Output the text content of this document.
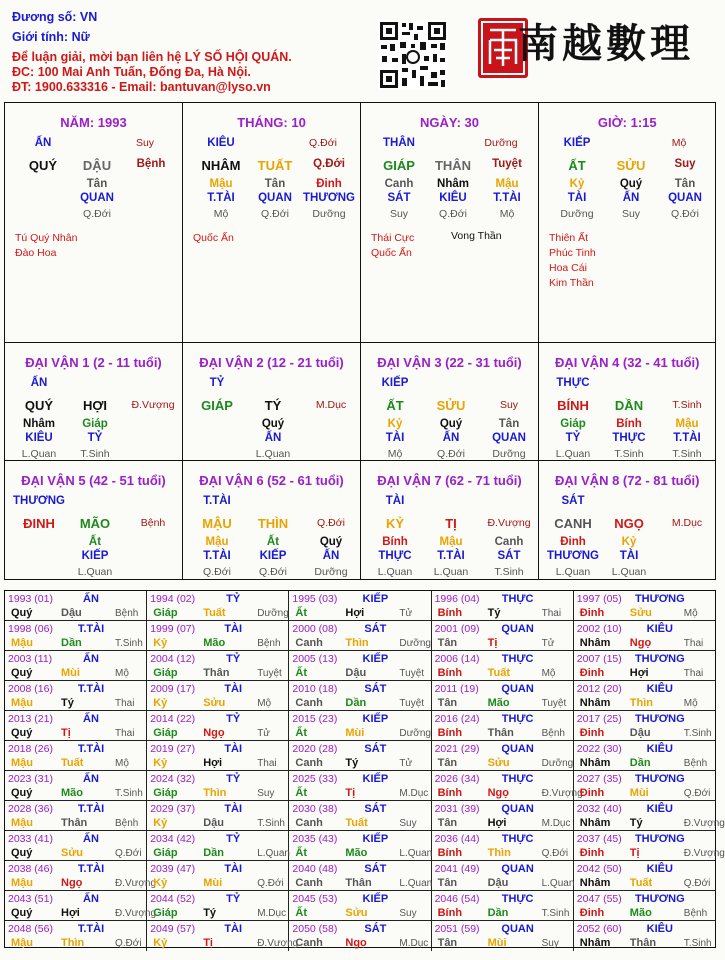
Đương số: VN
Giới tính: Nữ
Để luận giải, mời bạn liên hệ LÝ SỐ HỘI QUÁN.
ĐC: 100 Mai Anh Tuấn, Đống Đa, Hà Nội.
ĐT: 1900.633316 - Email: bantuvan@lyso.vn
南越數理
NĂM: 1993
ẤN	Suy
QUÝ DẬU Bệnh
Tân
QUAN
Q.Đới
Tú Quý Nhân
Đào Hoa
THÁNG: 10
KIÊU	Q.Đới
NHÂM TUẤT Q.Đới
Mậu
T.TÀI
Mộ
Tân
QUAN
Q.Đới
Đinh
THƯƠNG
Dưỡng
Quốc Ấn
NGÀY: 30
THÂN	Dưỡng
GIÁP THÂN Tuyệt
Canh
SÁT
Suy
Nhâm
KIÊU
Q.Đới
Mậu
T.TÀI
Mộ
Thái Cực
Quốc Ấn
Vong Thần
GIỜ: 1:15
KIẾP	Mộ
ẤT SỬU	Suy
Kỷ
TÀI
Dưỡng
Quý
ẤN
Suy
Tân
QUAN
Q.Đới
Thiên Ất
Phúc Tinh
Hoa Cái
Kim Thần
ĐẠI VẬN 1 (2 - 11 tuổi)
ẤN
QUÝ HỢI Đ.Vượng
Nhâm
KIÊU
L.Quan
Giáp
TỶ
T.Sinh
ĐẠI VẬN 2 (12 - 21 tuổi)
TỶ
GIÁP TÝ	M.Dục
Quý
ẤN
L.Quan
ĐẠI VẬN 3 (22 - 31 tuổi)
KIẾP
ẤT	SỬU	Suy
Kỷ
TÀI
Mộ
Quý
ẤN
Q.Đới
Tân
QUAN
Dưỡng
ĐẠI VẬN 4 (32 - 41 tuổi)
THỰC
BÍNH DẦN	T.Sinh
Giáp
TỶ
L.Quan
Bính
THỰC
T.Sinh
Mậu
T.TÀI
T.Sinh
ĐẠI VẬN 5 (42 - 51 tuổi)
THƯƠNG
ĐINH MÃO	Bệnh
Ất
KIẾP
L.Quan
ĐẠI VẬN 6 (52 - 61 tuổi)
T.TÀI
MẬU THÌN	Q.Đới
Mậu
T.TÀI
Q.Đới
Ất
KIẾP
Q.Đới
Quý
ẤN
Dưỡng
ĐẠI VẬN 7 (62 - 71 tuổi)
TÀI
KỶ	TỊ	Đ.Vượng
Bính
THỰC
L.Quan
Mậu
T.TÀI
L.Quan
Canh
SÁT
T.Sinh
ĐẠI VẬN 8 (72 - 81 tuổi)
SÁT
CANH NGỌ	M.Dục
Đinh
THƯƠNG
L.Quan
Kỷ
TÀI
L.Quan
1993 (01)	ẤN
Quý	Dậu	Bệnh
1994 (02)	TỶ
Giáp Tuất	Dưỡng
1995 (03) KIẾP
Ất	Hợi	Tử
1996 (04) THỰC
Bính Tý	Thai
1997 (05) THƯƠNG
Đinh Sửu	Mộ
1998 (06) T.TÀI
Mậu	Dần	T.Sinh
1999 (07)	TÀI
Kỷ	Mão	Bệnh
2000 (08) SÁT
Canh Thìn	Dưỡng
2001 (09) QUAN
Tân	Tị	Tử
2002 (10) KIÊU
Nhâm Ngọ	Thai
2003 (11)	ẤN
Quý	Mùi	Mộ
2004 (12)	TỶ
Giáp Thân	Tuyệt
2005 (13) KIẾP
Ất	Dậu	Tuyệt
2006 (14) THỰC
Bính Tuất	Mộ
2007 (15) THƯƠNG
Đinh Hợi	Thai
2008 (16) T.TÀI
Mậu	Tý	Thai
2009 (17)	TÀI
Kỷ	Sửu	Mộ
2010 (18) SÁT
Canh Dần	Tuyệt
2011 (19) QUAN
Tân	Mão	Tuyệt
2012 (20) KIÊU
Nhâm Thìn	Mộ
2013 (21)	ẤN
Quý	Tị	Thai
2014 (22)	TỶ
Giáp Ngọ	Tử
2015 (23) KIẾP
Ất	Mùi	Dưỡng
2016 (24) THỰC
Bính Thân	Bệnh
2017 (25) THƯƠNG
Đinh Dậu	T.Sinh
2018 (26) T.TÀI
Mậu	Tuất	Mộ
2019 (27)	TÀI
Kỷ	Hợi	Thai
2020 (28) SÁT
Canh Tý	Tử
2021 (29) QUAN
Tân	Sửu	Dưỡng
2022 (30) KIÊU
Nhâm Dần	Bệnh
2023 (31)	ẤN
Quý	Mão	T.Sinh
2024 (32)	TỶ
Giáp Thìn	Suy
2025 (33) KIẾP
Ất	Tị	M.Dục
2026 (34) THỰC
Bính Ngọ	Đ.Vượng
2027 (35) THƯƠNG
Đinh Mùi	Q.Đới
2028 (36) T.TÀI
Mậu	Thân	Bệnh
2029 (37)	TÀI
Kỷ	Dậu	T.Sinh
2030 (38) SÁT
Canh Tuất	Suy
2031 (39) QUAN
Tân	Hợi	M.Dục
2032 (40) KIÊU
Nhâm Tý	Đ.Vượng
2033 (41)	ẤN
Quý	Sửu	Q.Đới
2034 (42)	TỶ
Giáp Dần	L.Quan
2035 (43) KIẾP
Ất	Mão	L.Quan
2036 (44) THỰC
Bính Thìn	Q.Đới
2037 (45) THƯƠNG
Đinh Tị	Đ.Vượng
2038 (46) T.TÀI
Mậu	Ngọ	Đ.Vượng
2039 (47)	TÀI
Kỷ	Mùi	Q.Đới
2040 (48) SÁT
Canh Thân	L.Quan
2041 (49) QUAN
Tân	Dậu	L.Quan
2042 (50) KIÊU
Nhâm Tuất	Q.Đới
2043 (51)	ẤN
Quý	Hợi	Đ.Vượng
2044 (52)	TỶ
Giáp Tý	M.Dục
2045 (53) KIẾP
Ất	Sửu	Suy
2046 (54) THỰC
Bính Dần	T.Sinh
2047 (55) THƯƠNG
Đinh Mão	Bệnh
2048 (56) T.TÀI
Mậu	Thìn	Q.Đới
2049 (57)	TÀI
Kỷ	Tị	Đ.Vượng
2050 (58) SÁT
Canh Ngọ	M.Dục
2051 (59) QUAN
Tân	Mùi	Suy
2052 (60) KIÊU
Nhâm Thân	T.Sinh
